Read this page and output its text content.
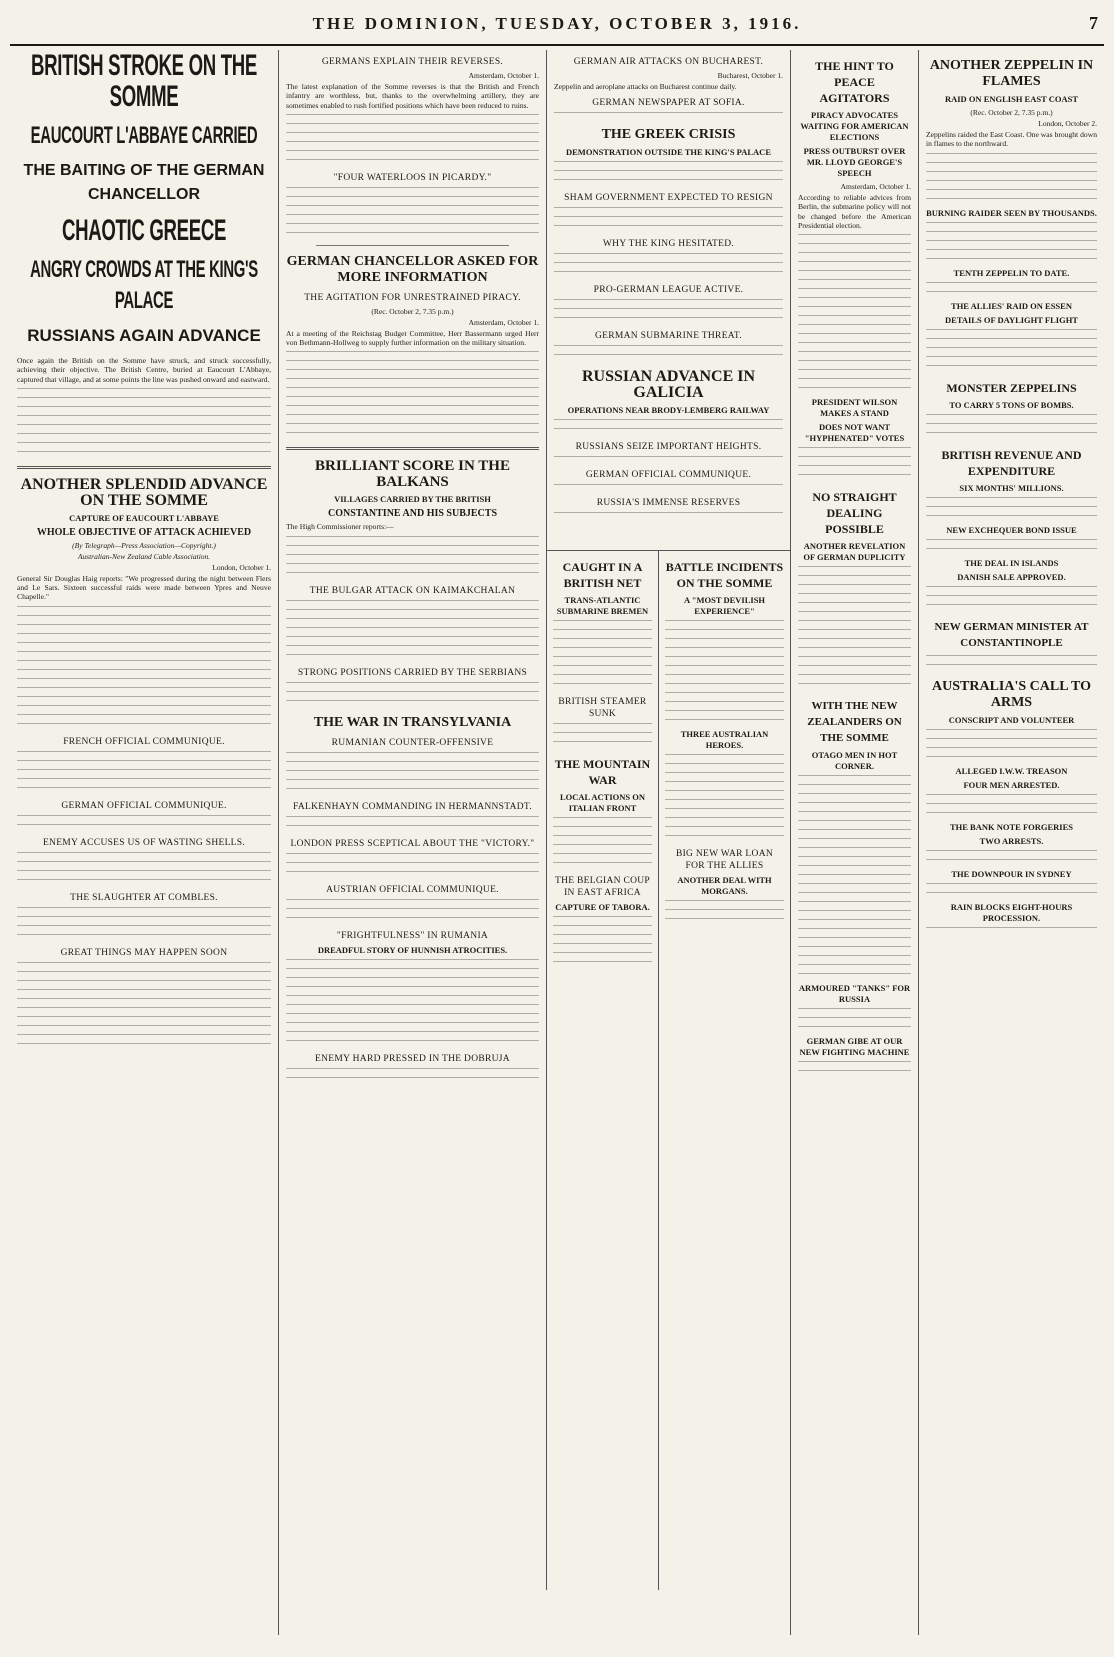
THE DOMINION, TUESDAY, OCTOBER 3, 1916.	7
BRITISH STROKE ON THE SOMME
EAUCOURT L'ABBAYE CARRIED
THE BAITING OF THE GERMAN CHANCELLOR
CHAOTIC GREECE
ANGRY CROWDS AT THE KING'S PALACE
RUSSIANS AGAIN ADVANCE
Once again the British on the Somme have struck, and struck successfully, achieving their objective. The British Centre, buried at Eaucourt L'Abbaye, captured that village, and at some points the line was pushed onward and eastward.
ANOTHER SPLENDID ADVANCE ON THE SOMME
CAPTURE OF EAUCOURT L'ABBAYE
WHOLE OBJECTIVE OF ATTACK ACHIEVED
(By Telegraph—Press Association—Copyright.)
Australian-New Zealand Cable Association.
London, October 1.
General Sir Douglas Haig reports: "We progressed during the night between Flers and Le Sars. Sixteen successful raids were made between Ypres and Neuve Chapelle."
FRENCH OFFICIAL COMMUNIQUE.
GERMAN OFFICIAL COMMUNIQUE.
ENEMY ACCUSES US OF WASTING SHELLS.
THE SLAUGHTER AT COMBLES.
GREAT THINGS MAY HAPPEN SOON
GERMANS EXPLAIN THEIR REVERSES.
Amsterdam, October 1.
The latest explanation of the Somme reverses is that the British and French infantry are worthless, but, thanks to the overwhelming artillery, they are sometimes enabled to rush fortified positions which have been reduced to ruins.
"FOUR WATERLOOS IN PICARDY."
GERMAN CHANCELLOR ASKED FOR MORE INFORMATION
THE AGITATION FOR UNRESTRAINED PIRACY.
(Rec. October 2, 7.35 p.m.)
Amsterdam, October 1.
At a meeting of the Reichstag Budget Committee, Herr Bassermann urged Herr von Bethmann-Hollweg to supply further information on the military situation.
BRILLIANT SCORE IN THE BALKANS
VILLAGES CARRIED BY THE BRITISH
CONSTANTINE AND HIS SUBJECTS
The High Commissioner reports:—
THE BULGAR ATTACK ON KAIMAKCHALAN
STRONG POSITIONS CARRIED BY THE SERBIANS
THE WAR IN TRANSYLVANIA
RUMANIAN COUNTER-OFFENSIVE
FALKENHAYN COMMANDING IN HERMANNSTADT.
LONDON PRESS SCEPTICAL ABOUT THE "VICTORY."
AUSTRIAN OFFICIAL COMMUNIQUE.
"FRIGHTFULNESS" IN RUMANIA
DREADFUL STORY OF HUNNISH ATROCITIES.
ENEMY HARD PRESSED IN THE DOBRUJA
GERMAN AIR ATTACKS ON BUCHAREST.
Bucharest, October 1.
Zeppelin and aeroplane attacks on Bucharest continue daily.
GERMAN NEWSPAPER AT SOFIA.
THE GREEK CRISIS
DEMONSTRATION OUTSIDE THE KING'S PALACE
SHAM GOVERNMENT EXPECTED TO RESIGN
WHY THE KING HESITATED.
PRO-GERMAN LEAGUE ACTIVE.
GERMAN SUBMARINE THREAT.
RUSSIAN ADVANCE IN GALICIA
OPERATIONS NEAR BRODY-LEMBERG RAILWAY
RUSSIANS SEIZE IMPORTANT HEIGHTS.
GERMAN OFFICIAL COMMUNIQUE.
RUSSIA'S IMMENSE RESERVES
CAUGHT IN A BRITISH NET
TRANS-ATLANTIC SUBMARINE BREMEN
BRITISH STEAMER SUNK
THE MOUNTAIN WAR
LOCAL ACTIONS ON ITALIAN FRONT
THE BELGIAN COUP IN EAST AFRICA
CAPTURE OF TABORA.
BATTLE INCIDENTS ON THE SOMME
A "MOST DEVILISH EXPERIENCE"
THREE AUSTRALIAN HEROES.
BIG NEW WAR LOAN FOR THE ALLIES
ANOTHER DEAL WITH MORGANS.
THE HINT TO PEACE AGITATORS
PIRACY ADVOCATES WAITING FOR AMERICAN ELECTIONS
PRESS OUTBURST OVER MR. LLOYD GEORGE'S SPEECH
Amsterdam, October 1.
According to reliable advices from Berlin, the submarine policy will not be changed before the American Presidential election.
PRESIDENT WILSON MAKES A STAND
DOES NOT WANT "HYPHENATED" VOTES
NO STRAIGHT DEALING POSSIBLE
ANOTHER REVELATION OF GERMAN DUPLICITY
WITH THE NEW ZEALANDERS ON THE SOMME
OTAGO MEN IN HOT CORNER.
ARMOURED "TANKS" FOR RUSSIA
GERMAN GIBE AT OUR NEW FIGHTING MACHINE
ANOTHER ZEPPELIN IN FLAMES
RAID ON ENGLISH EAST COAST
(Rec. October 2, 7.35 p.m.)
London, October 2.
Zeppelins raided the East Coast. One was brought down in flames to the northward.
BURNING RAIDER SEEN BY THOUSANDS.
TENTH ZEPPELIN TO DATE.
THE ALLIES' RAID ON ESSEN
DETAILS OF DAYLIGHT FLIGHT
MONSTER ZEPPELINS
TO CARRY 5 TONS OF BOMBS.
BRITISH REVENUE AND EXPENDITURE
SIX MONTHS' MILLIONS.
NEW EXCHEQUER BOND ISSUE
THE DEAL IN ISLANDS
DANISH SALE APPROVED.
NEW GERMAN MINISTER AT CONSTANTINOPLE
AUSTRALIA'S CALL TO ARMS
CONSCRIPT AND VOLUNTEER
ALLEGED I.W.W. TREASON
FOUR MEN ARRESTED.
THE BANK NOTE FORGERIES
TWO ARRESTS.
THE DOWNPOUR IN SYDNEY
RAIN BLOCKS EIGHT-HOURS PROCESSION.
